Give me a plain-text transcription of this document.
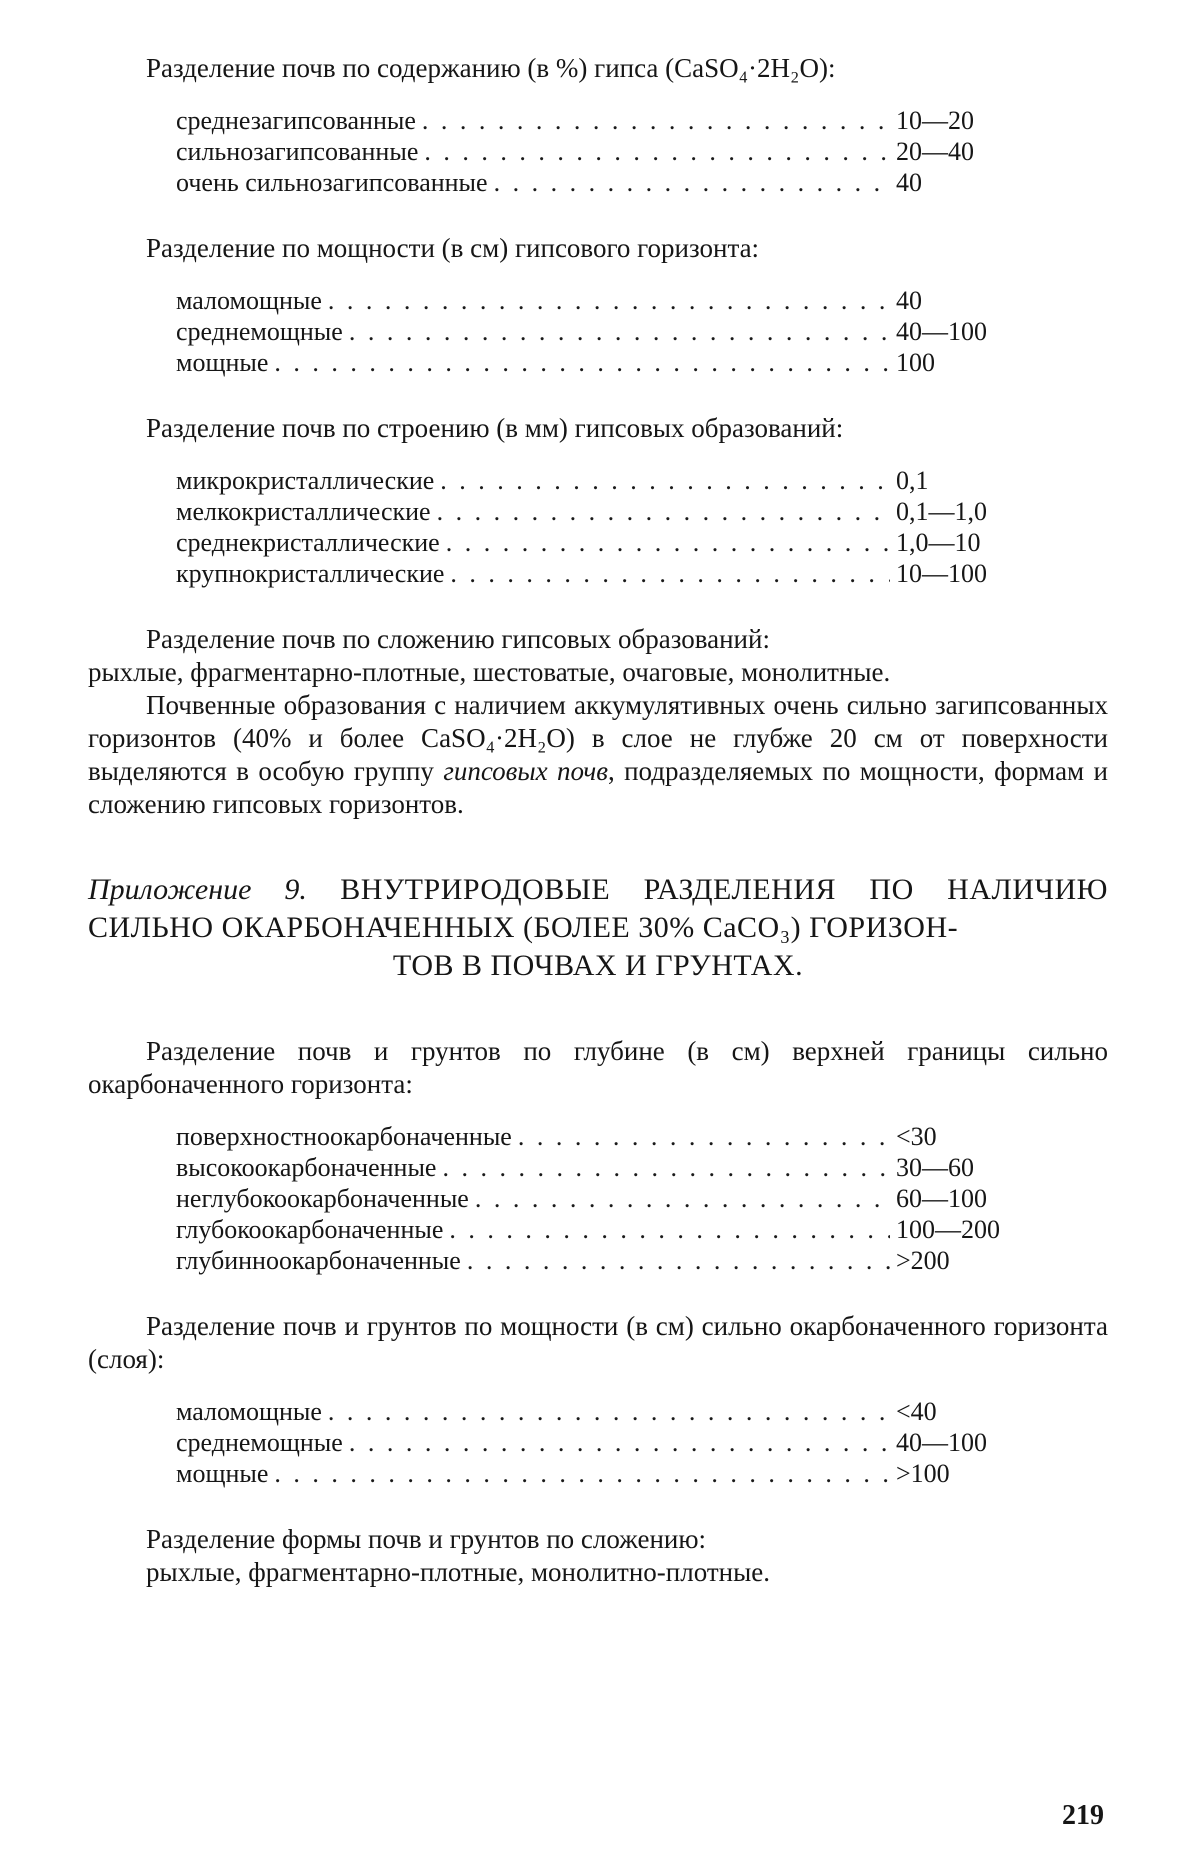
Разделение почв по содержанию (в %) гипса (CaSO₄·2H₂O):

среднезагипсованные . . .	10—20
сильнозагипсованные . . .	20—40
очень сильнозагипсованные . . .	40

Разделение по мощности (в см) гипсового горизонта:

маломощные . . .	40
среднемощные . . .	40—100
мощные . . .	100

Разделение почв по строению (в мм) гипсовых образований:

микрокристаллические . . .	0,1
мелкокристаллические . . .	0,1—1,0
среднекристаллические . . .	1,0—10
крупнокристаллические . . .	10—100

Разделение почв по сложению гипсовых образований:

рыхлые, фрагментарно-плотные, шестоватые, очаговые, монолитные.

Почвенные образования с наличием аккумулятивных очень сильно загипсованных горизонтов (40% и более CaSO₄·2H₂O) в слое не глубже 20 см от поверхности выделяются в особую группу гипсовых почв, подразделяемых по мощности, формам и сложению гипсовых горизонтов.

Приложение 9. ВНУТРИРОДОВЫЕ РАЗДЕЛЕНИЯ ПО НАЛИЧИЮ СИЛЬНО ОКАРБОНАЧЕННЫХ (БОЛЕЕ 30% CaCO₃) ГОРИЗОН-

ТОВ В ПОЧВАХ И ГРУНТАХ.

Разделение почв и грунтов по глубине (в см) верхней границы сильно окарбоначенного горизонта:

поверхностноокарбоначенные . . .	<30
высокоокарбоначенные . . .	30—60
неглубокоокарбоначенные . . .	60—100
глубокоокарбоначенные . . .	100—200
глубинноокарбоначенные . . .	>200

Разделение почв и грунтов по мощности (в см) сильно окарбоначенного горизонта (слоя):

маломощные . . .	<40
среднемощные . . .	40—100
мощные . . .	>100

Разделение формы почв и грунтов по сложению:

рыхлые, фрагментарно-плотные, монолитно-плотные.

219
